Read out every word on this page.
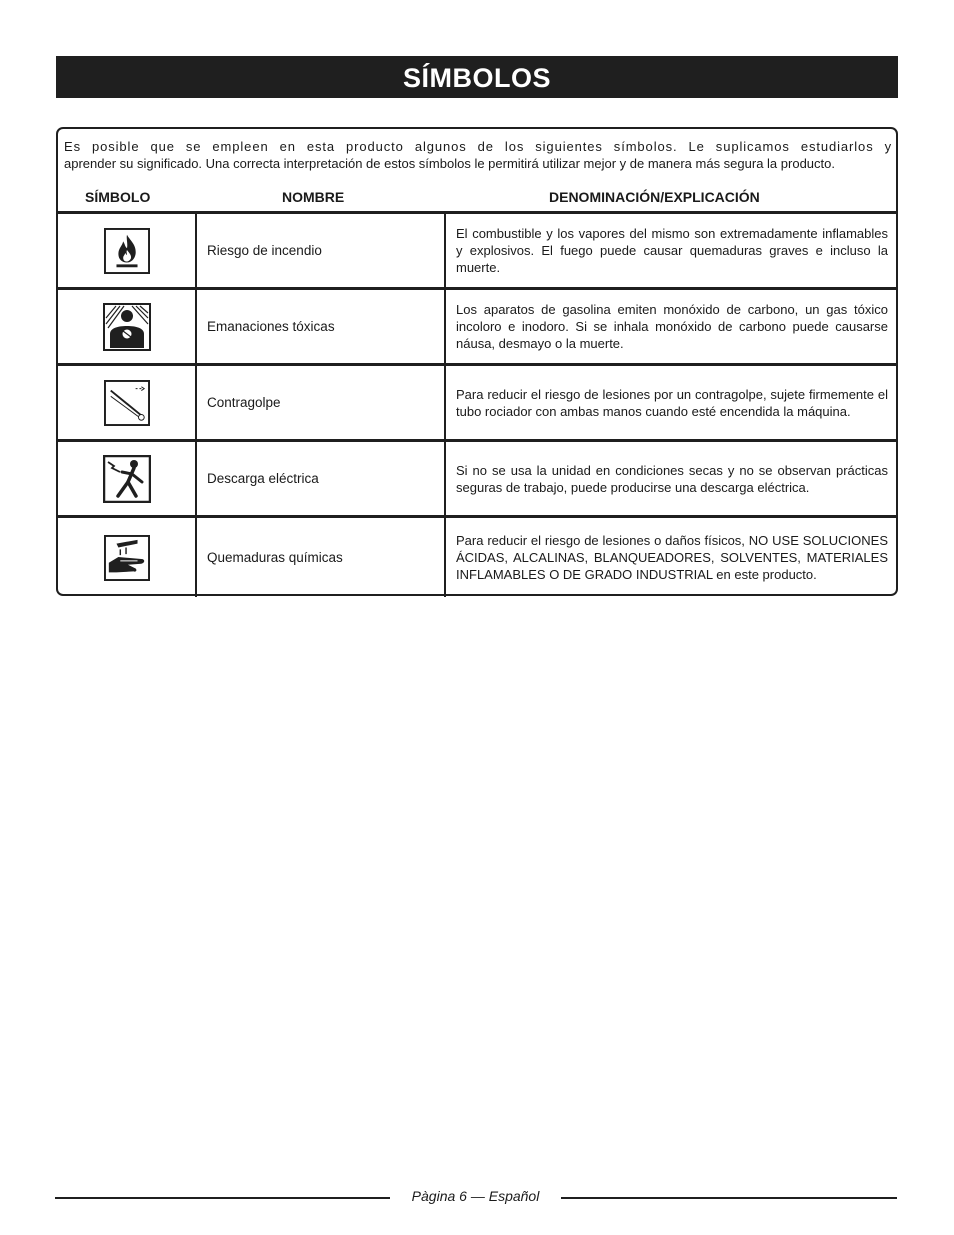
SÍMBOLOS
Es posible que se empleen en esta producto algunos de los siguientes símbolos. Le suplicamos estudiarlos y
aprender su significado. Una correcta interpretación de estos símbolos le permitirá utilizar mejor y de manera más segura la producto.
SÍMBOLO	NOMBRE	DENOMINACIÓN/EXPLICACIÓN
Riesgo de incendio
El combustible y los vapores del mismo son extremadamente inflamables y explosivos. El fuego puede causar quemaduras graves e incluso la muerte.
Emanaciones tóxicas
Los aparatos de gasolina emiten monóxido de carbono, un gas tóxico incoloro e inodoro. Si se inhala monóxido de carbono puede causarse náusa, desmayo o la muerte.
Contragolpe
Para reducir el riesgo de lesiones por un contragolpe, sujete firmemente el tubo rociador con ambas manos cuando esté encendida la máquina.
Descarga eléctrica
Si no se usa la unidad en condiciones secas y no se observan prácticas seguras de trabajo, puede producirse una descarga eléctrica.
Quemaduras químicas
Para reducir el riesgo de lesiones o daños físicos, NO USE SOLUCIONES ÁCIDAS, ALCALINAS, BLANQUEADORES, SOLVENTES, MATERIALES INFLAMABLES O DE GRADO INDUSTRIAL en este producto.
Pàgina 6 — Español
